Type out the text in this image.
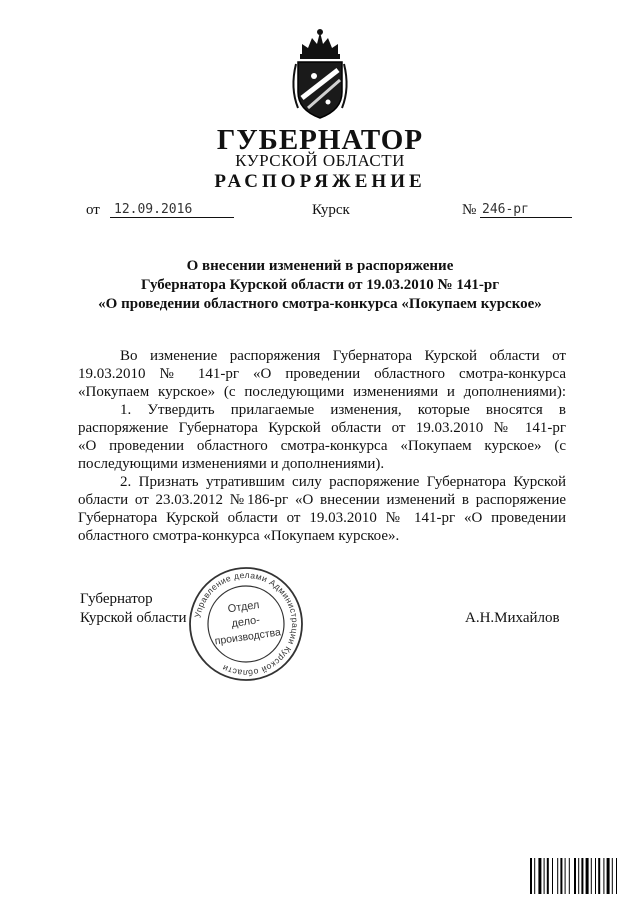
ГУБЕРНАТОР
КУРСКОЙ ОБЛАСТИ
РАСПОРЯЖЕНИЕ
от	12.09.2016	Курск	№ 246-рг
О внесении изменений в распоряжение
Губернатора Курской области от 19.03.2010 № 141-рг
«О проведении областного смотра-конкурса «Покупаем курское»
Во изменение распоряжения Губернатора Курской области от
19.03.2010 № 141-рг «О проведении областного смотра-конкурса
«Покупаем курское» (с последующими изменениями и дополнениями):
1. Утвердить прилагаемые изменения, которые вносятся в
распоряжение Губернатора Курской области от 19.03.2010 № 141-рг
«О проведении областного смотра-конкурса «Покупаем курское» (с
последующими изменениями и дополнениями).
2. Признать утратившим силу распоряжение Губернатора Курской
области от 23.03.2012 №186-рг «О внесении изменений в распоряжение
Губернатора Курской области от 19.03.2010 № 141-рг «О проведении
областного смотра-конкурса «Покупаем курское».
Губернатор
Курской области	А.Н.Михайлов
Управление делами Администрации Курской области
Отдел
дело-
производства
